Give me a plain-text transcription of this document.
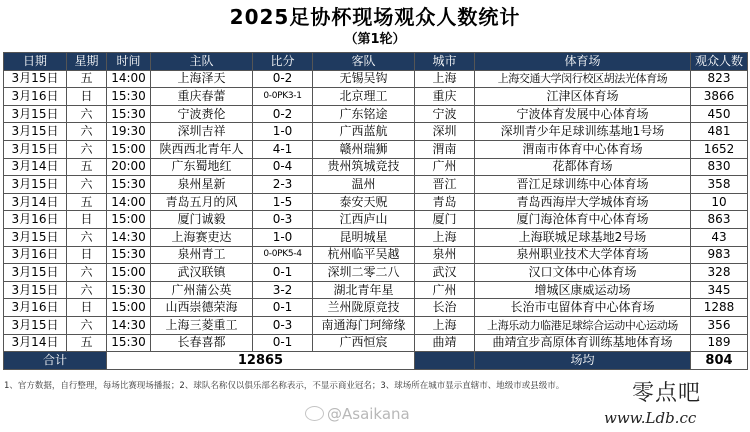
2025足协杯现场观众人数统计
（第1轮）
日期	星期	时间	主队	比分	客队	城市	体育场	观众人数
3月15日	五	14:00	上海泽天	0-2	无锡吴钩	上海	上海交通大学闵行校区胡法光体育场	823
3月16日	日	15:30	重庆春蕾	0-0PK3-1	北京理工	重庆	江津区体育场	3866
3月15日	六	15:30	宁波赉伦	0-2	广东铭途	宁波	宁波体育发展中心体育场	450
3月15日	六	19:30	深圳吉祥	1-0	广西蓝航	深圳	深圳青少年足球训练基地1号场	481
3月15日	六	15:00	陕西西北青年人	4-1	赣州瑞狮	渭南	渭南市体育中心体育场	1652
3月14日	五	20:00	广东蜀地红	0-4	贵州筑城竞技	广州	花都体育场	830
3月15日	六	15:30	泉州星新	2-3	温州	晋江	晋江足球训练中心体育场	358
3月14日	五	14:00	青岛五月的风	1-5	泰安天贶	青岛	青岛西海岸大学城体育场	10
3月16日	日	15:00	厦门诚毅	0-3	江西庐山	厦门	厦门海沧体育中心体育场	863
3月15日	六	14:30	上海赛吏达	1-0	昆明城星	上海	上海联城足球基地2号场	43
3月16日	日	15:30	泉州青工	0-0PK5-4	杭州临平吴越	泉州	泉州职业技术大学体育场	983
3月15日	六	15:00	武汉联镇	0-1	深圳二零二八	武汉	汉口文体中心体育场	328
3月15日	六	15:30	广州蒲公英	3-2	湖北青年星	广州	增城区康威运动场	345
3月16日	日	15:00	山西崇德荣海	0-1	兰州陇原竞技	长治	长治市屯留体育中心体育场	1288
3月15日	六	14:30	上海三菱重工	0-3	南通海门珂缔缘	上海	上海乐动力临港足球综合运动中心运动场	356
3月14日	五	15:30	长春喜都	0-1	广西恒宸	曲靖	曲靖宜步高原体育训练基地体育场	189
合计		12865					场均	804
1、官方数据，自行整理，每场比赛现场播报；2、球队名称仅以俱乐部名称表示，不显示商业冠名；3、球场所在城市显示直辖市、地级市或县级市。
@Asaikana
零点吧
www.Ldb.cc
